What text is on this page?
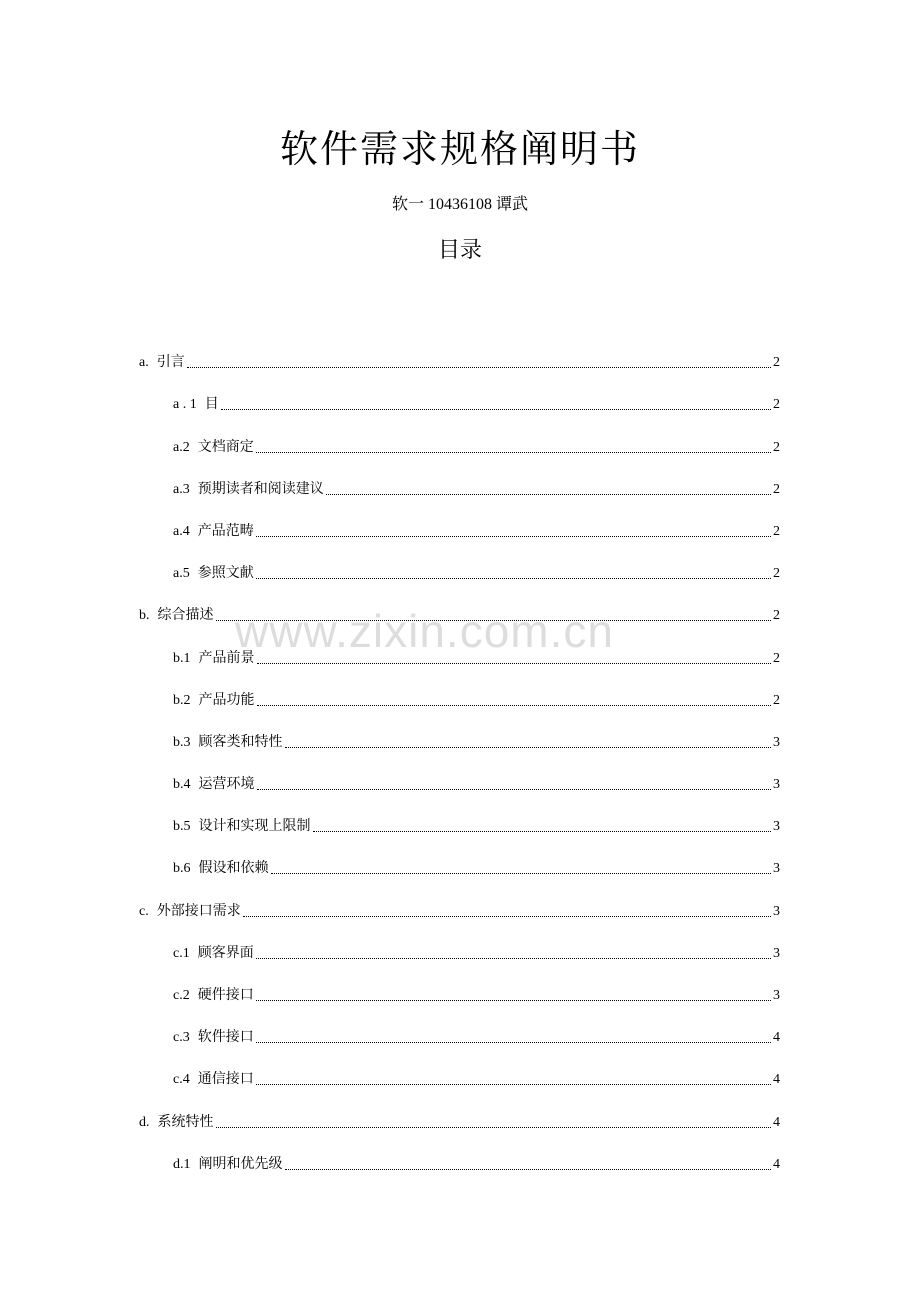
软件需求规格阐明书
软一 10436108 谭武
目录
a. 引言	2
a . 1 目	2
a.2 文档商定	2
a.3 预期读者和阅读建议	2
a.4 产品范畴	2
a.5 参照文献	2
b. 综合描述	2
b.1 产品前景	2
b.2 产品功能	2
b.3 顾客类和特性	3
b.4 运营环境	3
b.5 设计和实现上限制	3
b.6 假设和依赖	3
c. 外部接口需求	3
c.1 顾客界面	3
c.2 硬件接口	3
c.3 软件接口	4
c.4 通信接口	4
d. 系统特性	4
d.1 阐明和优先级	4
www.zixin.com.cn
